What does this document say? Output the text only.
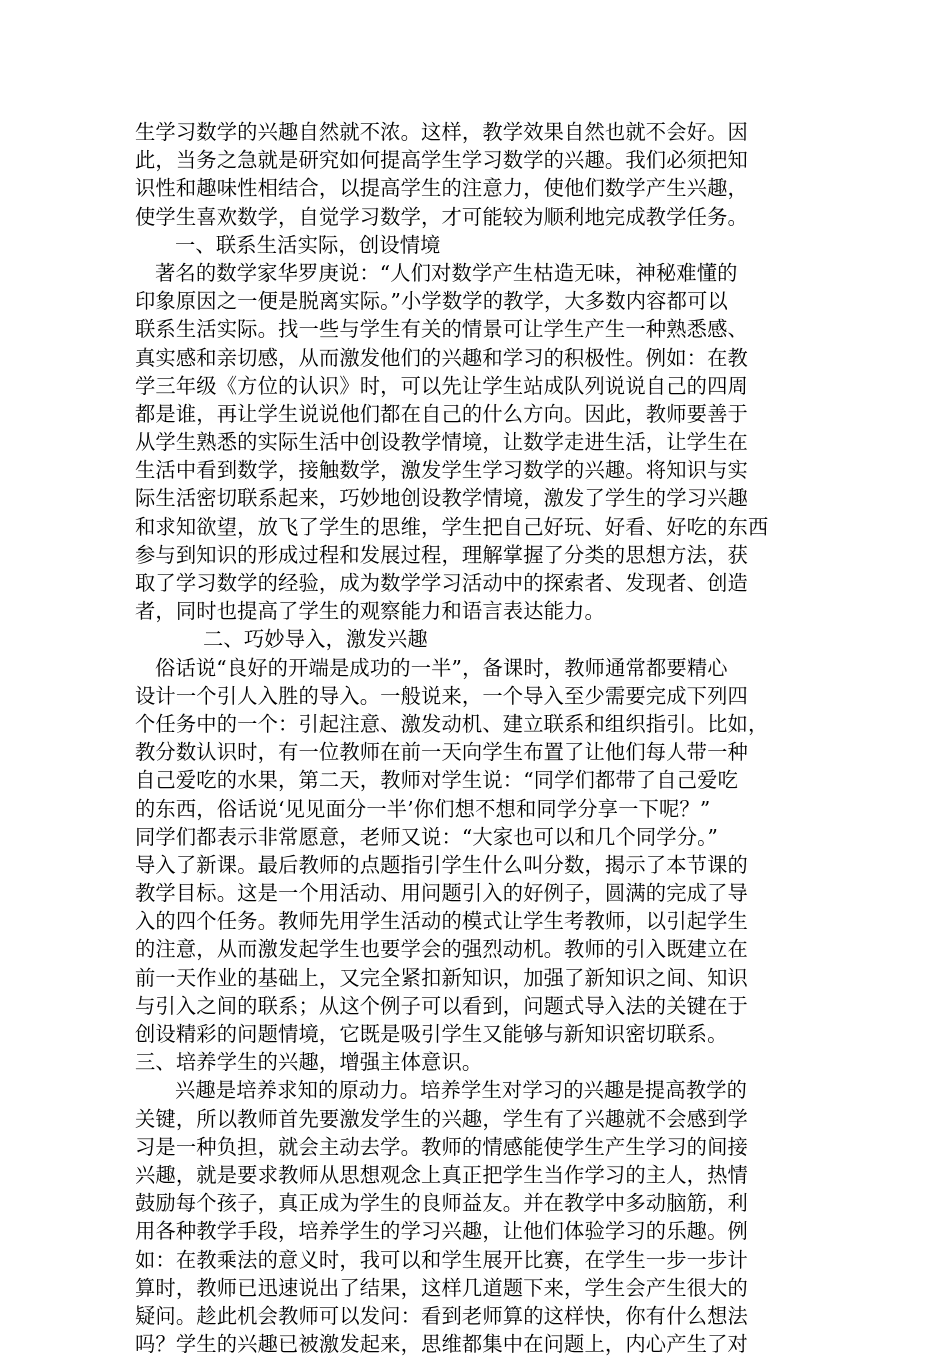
生学习数学的兴趣自然就不浓。这样，教学效果自然也就不会好。因
此，当务之急就是研究如何提高学生学习数学的兴趣。我们必须把知
识性和趣味性相结合，以提高学生的注意力，使他们数学产生兴趣，
使学生喜欢数学，自觉学习数学，才可能较为顺利地完成教学任务。
一、联系生活实际，创设情境
著名的数学家华罗庚说：“人们对数学产生枯造无味，神秘难懂的
印象原因之一便是脱离实际。”小学数学的教学，大多数内容都可以
联系生活实际。找一些与学生有关的情景可让学生产生一种熟悉感、
真实感和亲切感，从而激发他们的兴趣和学习的积极性。例如：在教
学三年级《方位的认识》时，可以先让学生站成队列说说自己的四周
都是谁，再让学生说说他们都在自己的什么方向。因此，教师要善于
从学生熟悉的实际生活中创设教学情境，让数学走进生活，让学生在
生活中看到数学，接触数学，激发学生学习数学的兴趣。将知识与实
际生活密切联系起来，巧妙地创设教学情境，激发了学生的学习兴趣
和求知欲望，放飞了学生的思维，学生把自己好玩、好看、好吃的东西
参与到知识的形成过程和发展过程，理解掌握了分类的思想方法，获
取了学习数学的经验，成为数学学习活动中的探索者、发现者、创造
者，同时也提高了学生的观察能力和语言表达能力。
二、巧妙导入，激发兴趣
俗话说“良好的开端是成功的一半”，备课时，教师通常都要精心
设计一个引人入胜的导入。一般说来，一个导入至少需要完成下列四
个任务中的一个：引起注意、激发动机、建立联系和组织指引。比如，
教分数认识时，有一位教师在前一天向学生布置了让他们每人带一种
自己爱吃的水果，第二天，教师对学生说：“同学们都带了自己爱吃
的东西，俗话说‘见见面分一半’你们想不想和同学分享一下呢？”
同学们都表示非常愿意，老师又说：“大家也可以和几个同学分。”
导入了新课。最后教师的点题指引学生什么叫分数，揭示了本节课的
教学目标。这是一个用活动、用问题引入的好例子，圆满的完成了导
入的四个任务。教师先用学生活动的模式让学生考教师，以引起学生
的注意，从而激发起学生也要学会的强烈动机。教师的引入既建立在
前一天作业的基础上，又完全紧扣新知识，加强了新知识之间、知识
与引入之间的联系；从这个例子可以看到，问题式导入法的关键在于
创设精彩的问题情境，它既是吸引学生又能够与新知识密切联系。
三、培养学生的兴趣，增强主体意识。
兴趣是培养求知的原动力。培养学生对学习的兴趣是提高教学的
关键，所以教师首先要激发学生的兴趣，学生有了兴趣就不会感到学
习是一种负担，就会主动去学。教师的情感能使学生产生学习的间接
兴趣，就是要求教师从思想观念上真正把学生当作学习的主人，热情
鼓励每个孩子，真正成为学生的良师益友。并在教学中多动脑筋，利
用各种教学手段，培养学生的学习兴趣，让他们体验学习的乐趣。例
如：在教乘法的意义时，我可以和学生展开比赛，在学生一步一步计
算时，教师已迅速说出了结果，这样几道题下来，学生会产生很大的
疑问。趁此机会教师可以发问：看到老师算的这样快，你有什么想法
吗？学生的兴趣已被激发起来，思维都集中在问题上，内心产生了对
